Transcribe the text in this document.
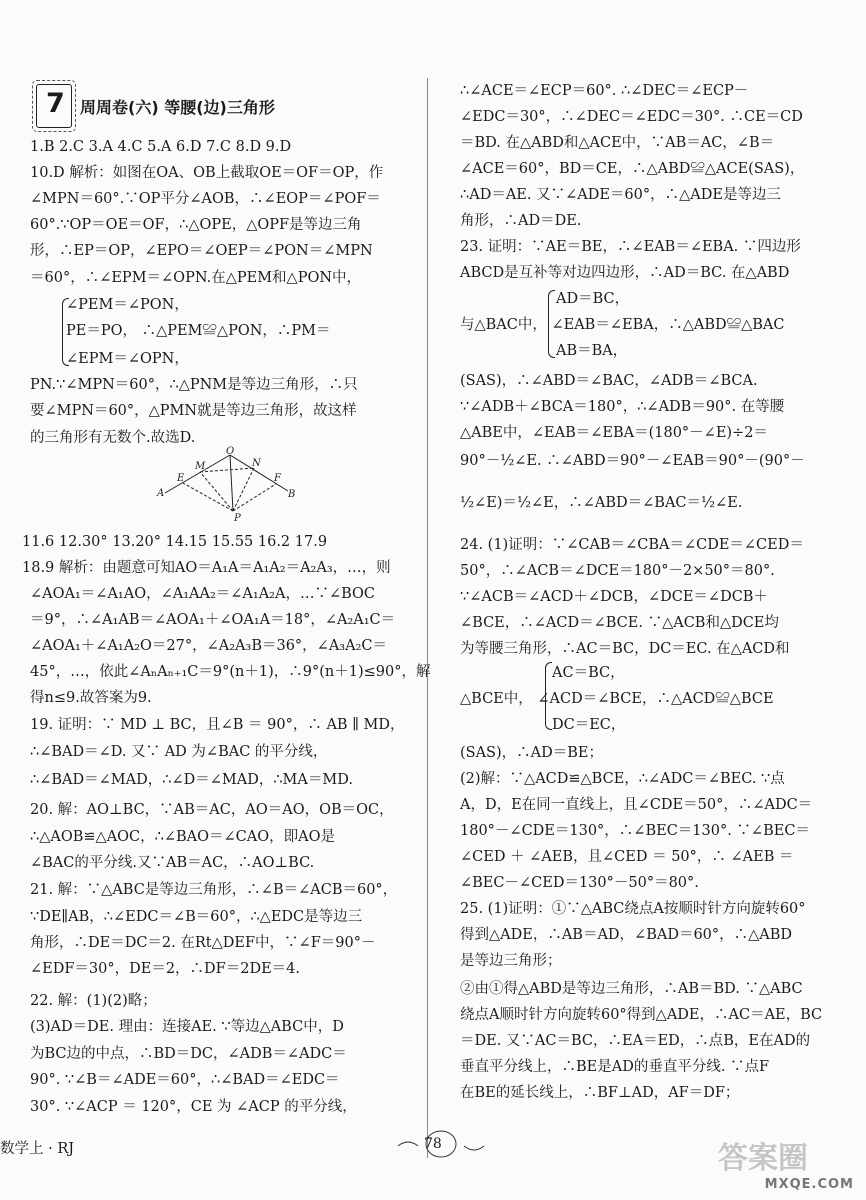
7 周周卷(六) 等腰(边)三角形
1.B 2.C 3.A 4.C 5.A 6.D 7.C 8.D 9.D
10.D 解析：如图在OA、OB上截取OE＝OF＝OP，作
∠MPN＝60°.∵OP平分∠AOB，∴∠EOP＝∠POF＝
60°.∵OP＝OE＝OF，∴△OPE，△OPF是等边三角
形，∴EP＝OP，∠EPO＝∠OEP＝∠PON＝∠MPN
＝60°，∴∠EPM＝∠OPN.在△PEM和△PON中，
∠PEM＝∠PON，
PE＝PO， ∴△PEM≌△PON，∴PM＝
∠EPM＝∠OPN，
PN.∵∠MPN＝60°，∴△PNM是等边三角形，∴只
要∠MPN＝60°，△PMN就是等边三角形，故这样
的三角形有无数个.故选D.
11.6 12.30° 13.20° 14.15 15.55 16.2 17.9
18.9 解析：由题意可知AO＝A₁A＝A₁A₂＝A₂A₃，…，则
∠AOA₁＝∠A₁AO，∠A₁AA₂＝∠A₁A₂A，…∵∠BOC
＝9°，∴∠A₁AB＝∠AOA₁＋∠OA₁A＝18°，∠A₂A₁C＝
∠AOA₁＋∠A₁A₂O＝27°，∠A₂A₃B＝36°，∠A₃A₂C＝
45°，…，依此∠AₙAₙ₊₁C＝9°(n＋1)，∴9°(n＋1)≤90°，解
得n≤9.故答案为9.
19. 证明：∵ MD ⊥ BC，且∠B ＝ 90°，∴ AB ∥ MD，
∴∠BAD＝∠D. 又∵ AD 为∠BAC 的平分线，
∴∠BAD＝∠MAD，∴∠D＝∠MAD，∴MA＝MD.
20. 解：AO⊥BC，∵AB＝AC，AO＝AO，OB＝OC，
∴△AOB≌△AOC，∴∠BAO＝∠CAO，即AO是
∠BAC的平分线.又∵AB＝AC，∴AO⊥BC.
21. 解：∵△ABC是等边三角形，∴∠B＝∠ACB＝60°，
∵DE∥AB，∴∠EDC＝∠B＝60°，∴△EDC是等边三
角形，∴DE＝DC＝2. 在Rt△DEF中，∵∠F＝90°－
∠EDF＝30°，DE＝2，∴DF＝2DE＝4.
22. 解：(1)(2)略；
(3)AD＝DE. 理由：连接AE. ∵等边△ABC中，D
为BC边的中点，∴BD＝DC，∠ADB＝∠ADC＝
90°. ∵∠B＝∠ADE＝60°，∴∠BAD＝∠EDC＝
30°. ∵∠ACP ＝ 120°，CE 为 ∠ACP 的平分线，
∴∠ACE＝∠ECP＝60°. ∴∠DEC＝∠ECP－
∠EDC＝30°，∴∠DEC＝∠EDC＝30°. ∴CE＝CD
＝BD. 在△ABD和△ACE中，∵AB＝AC，∠B＝
∠ACE＝60°，BD＝CE，∴△ABD≌△ACE(SAS)，
∴AD＝AE. 又∵∠ADE＝60°，∴△ADE是等边三
角形，∴AD＝DE.
23. 证明：∵AE＝BE，∴∠EAB＝∠EBA. ∵四边形
ABCD是互补等对边四边形，∴AD＝BC. 在△ABD
AD＝BC，
与△BAC中， ∠EAB＝∠EBA，∴△ABD≌△BAC
AB＝BA，
(SAS)，∴∠ABD＝∠BAC，∠ADB＝∠BCA.
∵∠ADB＋∠BCA＝180°，∴∠ADB＝90°. 在等腰
△ABE中，∠EAB＝∠EBA＝(180°－∠E)÷2＝
90°－½∠E. ∴∠ABD＝90°－∠EAB＝90°－(90°－
½∠E)＝½∠E，∴∠ABD＝∠BAC＝½∠E.
24. (1)证明：∵∠CAB＝∠CBA＝∠CDE＝∠CED＝
50°，∴∠ACB＝∠DCE＝180°－2×50°＝80°.
∵∠ACB＝∠ACD＋∠DCB，∠DCE＝∠DCB＋
∠BCE，∴∠ACD＝∠BCE. ∵△ACB和△DCE均
为等腰三角形，∴AC＝BC，DC＝EC. 在△ACD和
AC＝BC，
△BCE中， ∠ACD＝∠BCE，∴△ACD≌△BCE
DC＝EC，
(SAS)，∴AD＝BE；
(2)解：∵△ACD≌△BCE，∴∠ADC＝∠BEC. ∵点
A，D，E在同一直线上，且∠CDE＝50°，∴∠ADC＝
180°－∠CDE＝130°，∴∠BEC＝130°. ∵∠BEC＝
∠CED ＋ ∠AEB，且∠CED ＝ 50°，∴ ∠AEB ＝
∠BEC－∠CED＝130°－50°＝80°.
25. (1)证明：①∵△ABC绕点A按顺时针方向旋转60°
得到△ADE，∴AB＝AD，∠BAD＝60°，∴△ABD
是等边三角形；
②由①得△ABD是等边三角形，∴AB＝BD. ∵△ABC
绕点A顺时针方向旋转60°得到△ADE，∴AC＝AE，BC
＝DE. 又∵AC＝BC，∴EA＝ED，∴点B，E在AD的
垂直平分线上，∴BE是AD的垂直平分线. ∵点F
在BE的延长线上，∴BF⊥AD，AF＝DF；
O
M	N
E	F
A	B
P
数学上 · RJ	78	答案圈
MXQE.COM
